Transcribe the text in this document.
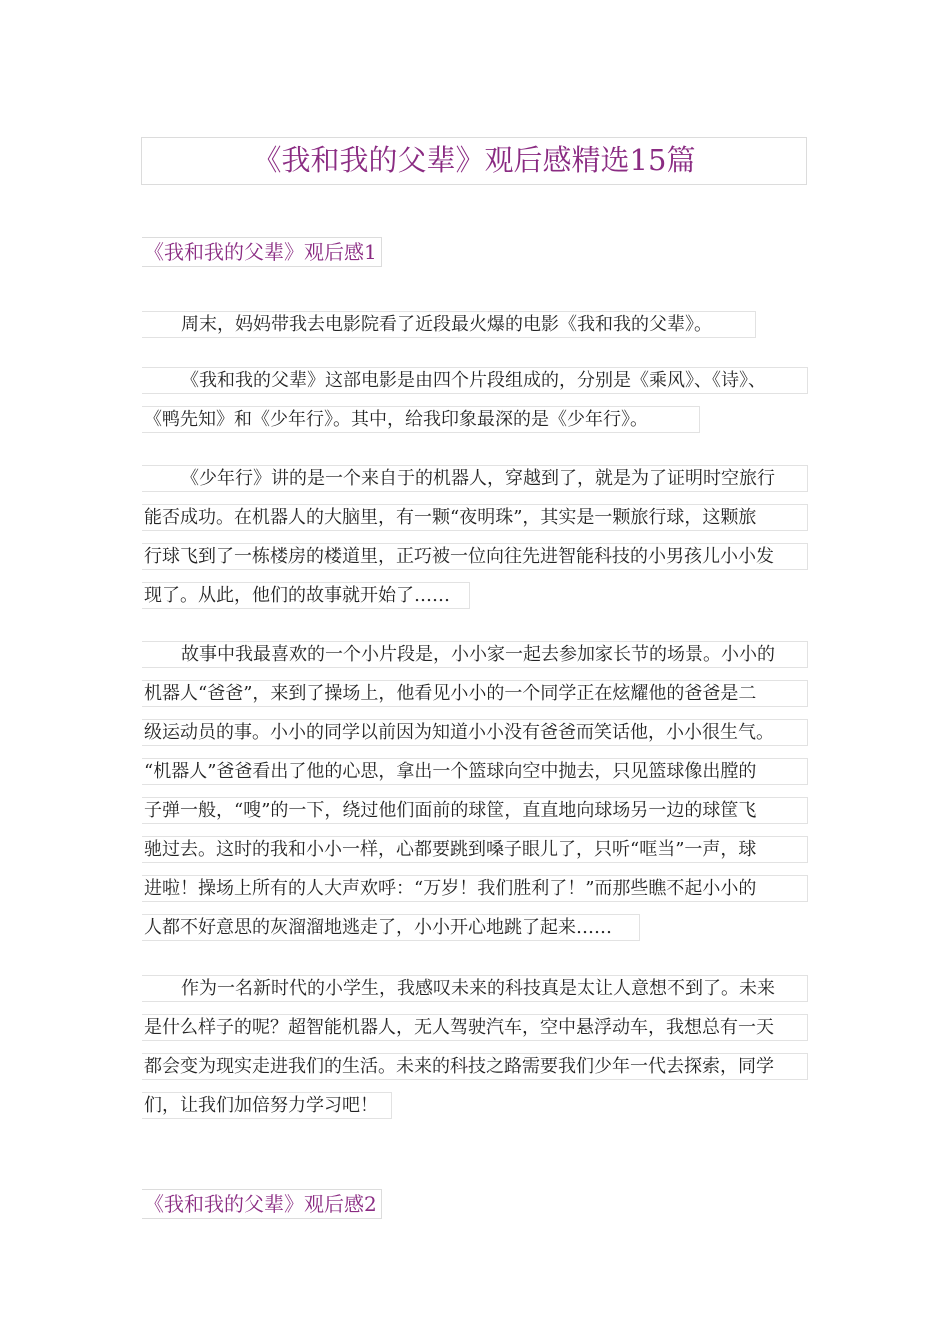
《我和我的父辈》观后感精选15篇
《我和我的父辈》观后感1
周末，妈妈带我去电影院看了近段最火爆的电影《我和我的父辈》。
《我和我的父辈》这部电影是由四个片段组成的，分别是《乘风》、《诗》、
《鸭先知》和《少年行》。其中，给我印象最深的是《少年行》。
《少年行》讲的是一个来自于的机器人，穿越到了，就是为了证明时空旅行
能否成功。在机器人的大脑里，有一颗“夜明珠”，其实是一颗旅行球，这颗旅
行球飞到了一栋楼房的楼道里，正巧被一位向往先进智能科技的小男孩儿小小发
现了。从此，他们的故事就开始了……
故事中我最喜欢的一个小片段是，小小家一起去参加家长节的场景。小小的
机器人“爸爸”，来到了操场上，他看见小小的一个同学正在炫耀他的爸爸是二
级运动员的事。小小的同学以前因为知道小小没有爸爸而笑话他，小小很生气。
“机器人”爸爸看出了他的心思，拿出一个篮球向空中抛去，只见篮球像出膛的
子弹一般，“嗖”的一下，绕过他们面前的球筐，直直地向球场另一边的球筐飞
驰过去。这时的我和小小一样，心都要跳到嗓子眼儿了，只听“哐当”一声，球
进啦！操场上所有的人大声欢呼：“万岁！我们胜利了！”而那些瞧不起小小的
人都不好意思的灰溜溜地逃走了，小小开心地跳了起来……
作为一名新时代的小学生，我感叹未来的科技真是太让人意想不到了。未来
是什么样子的呢？超智能机器人，无人驾驶汽车，空中悬浮动车，我想总有一天
都会变为现实走进我们的生活。未来的科技之路需要我们少年一代去探索，同学
们，让我们加倍努力学习吧！
《我和我的父辈》观后感2
